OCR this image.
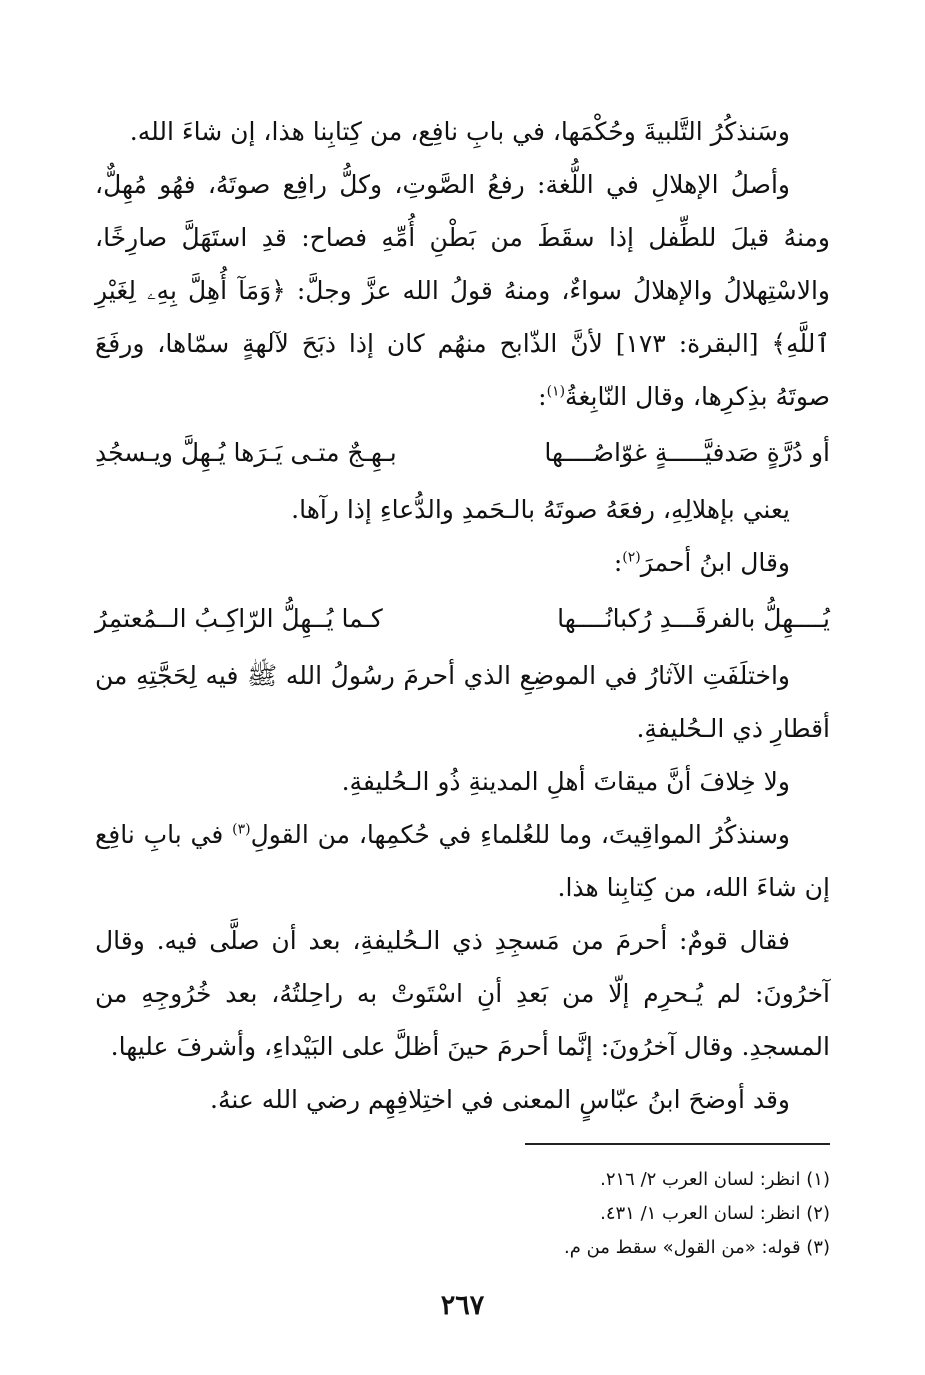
وسَنذكُرُ التَّلبيةَ وحُكْمَها، في بابِ نافِع، من كِتابِنا هذا، إن شاءَ الله.

وأصلُ الإهلالِ في اللُّغة: رفعُ الصَّوتِ، وكلُّ رافِع صوتَهُ، فهُو مُهِلٌّ، ومنهُ قيلَ للطِّفل إذا سقَطَ من بَطْنِ أُمِّهِ فصاح: قدِ استَهَلَّ صارِخًا، والاسْتِهلالُ والإهلالُ سواءٌ، ومنهُ قولُ الله عزَّ وجلَّ: ﴿وَمَآ أُهِلَّ بِهِۦ لِغَيْرِ ٱللَّهِ﴾ [البقرة: ١٧٣] لأنَّ الذّابح منهُم كان إذا ذبَحَ لآلهةٍ سمّاها، ورفَعَ صوتَهُ بذِكرِها، وقال النّابِغةُ$^{(١)}$:

أو دُرَّةٍ صَدفيَّـــــةٍ غوّاصُــــها
بـهِـجٌ متـى يَـرَها يُـهِلَّ ويـسجُدِ

يعني بإهلالِهِ، رفعَهُ صوتَهُ بالـحَمدِ والدُّعاءِ إذا رآها.

وقال ابنُ أحمرَ$^{(٢)}$:

يُــــهِلُّ بالفرقَـــدِ رُكبانُــــها
كـما يُــهِلُّ الرّاكِـبُ الــمُعتمِرُ

واختلَفَتِ الآثارُ في الموضِعِ الذي أحرمَ رسُولُ الله ﷺ فيه لِحَجَّتِهِ من أقطارِ ذي الـحُليفةِ.

ولا خِلافَ أنَّ ميقاتَ أهلِ المدينةِ ذُو الـحُليفةِ.

وسنذكُرُ المواقِيتَ، وما للعُلماءِ في حُكمِها، من القولِ$^{(٣)}$ في بابِ نافِع إن شاءَ الله، من كِتابِنا هذا.

فقال قومٌ: أحرمَ من مَسجِدِ ذي الـحُليفةِ، بعد أن صلَّى فيه. وقال آخرُونَ: لم يُـحرِم إلّا من بَعدِ أنِ اسْتَوتْ به راحِلتُهُ، بعد خُرُوجِهِ من المسجدِ. وقال آخرُونَ: إنَّما أحرمَ حينَ أظلَّ على البَيْداءِ، وأشرفَ عليها.

وقد أوضحَ ابنُ عبّاسٍ المعنى في اختِلافِهِم رضي الله عنهُ.

(١) انظر: لسان العرب ٢/ ٢١٦.

(٢) انظر: لسان العرب ١/ ٤٣١.

(٣) قوله: «من القول» سقط من م.

٢٦٧
